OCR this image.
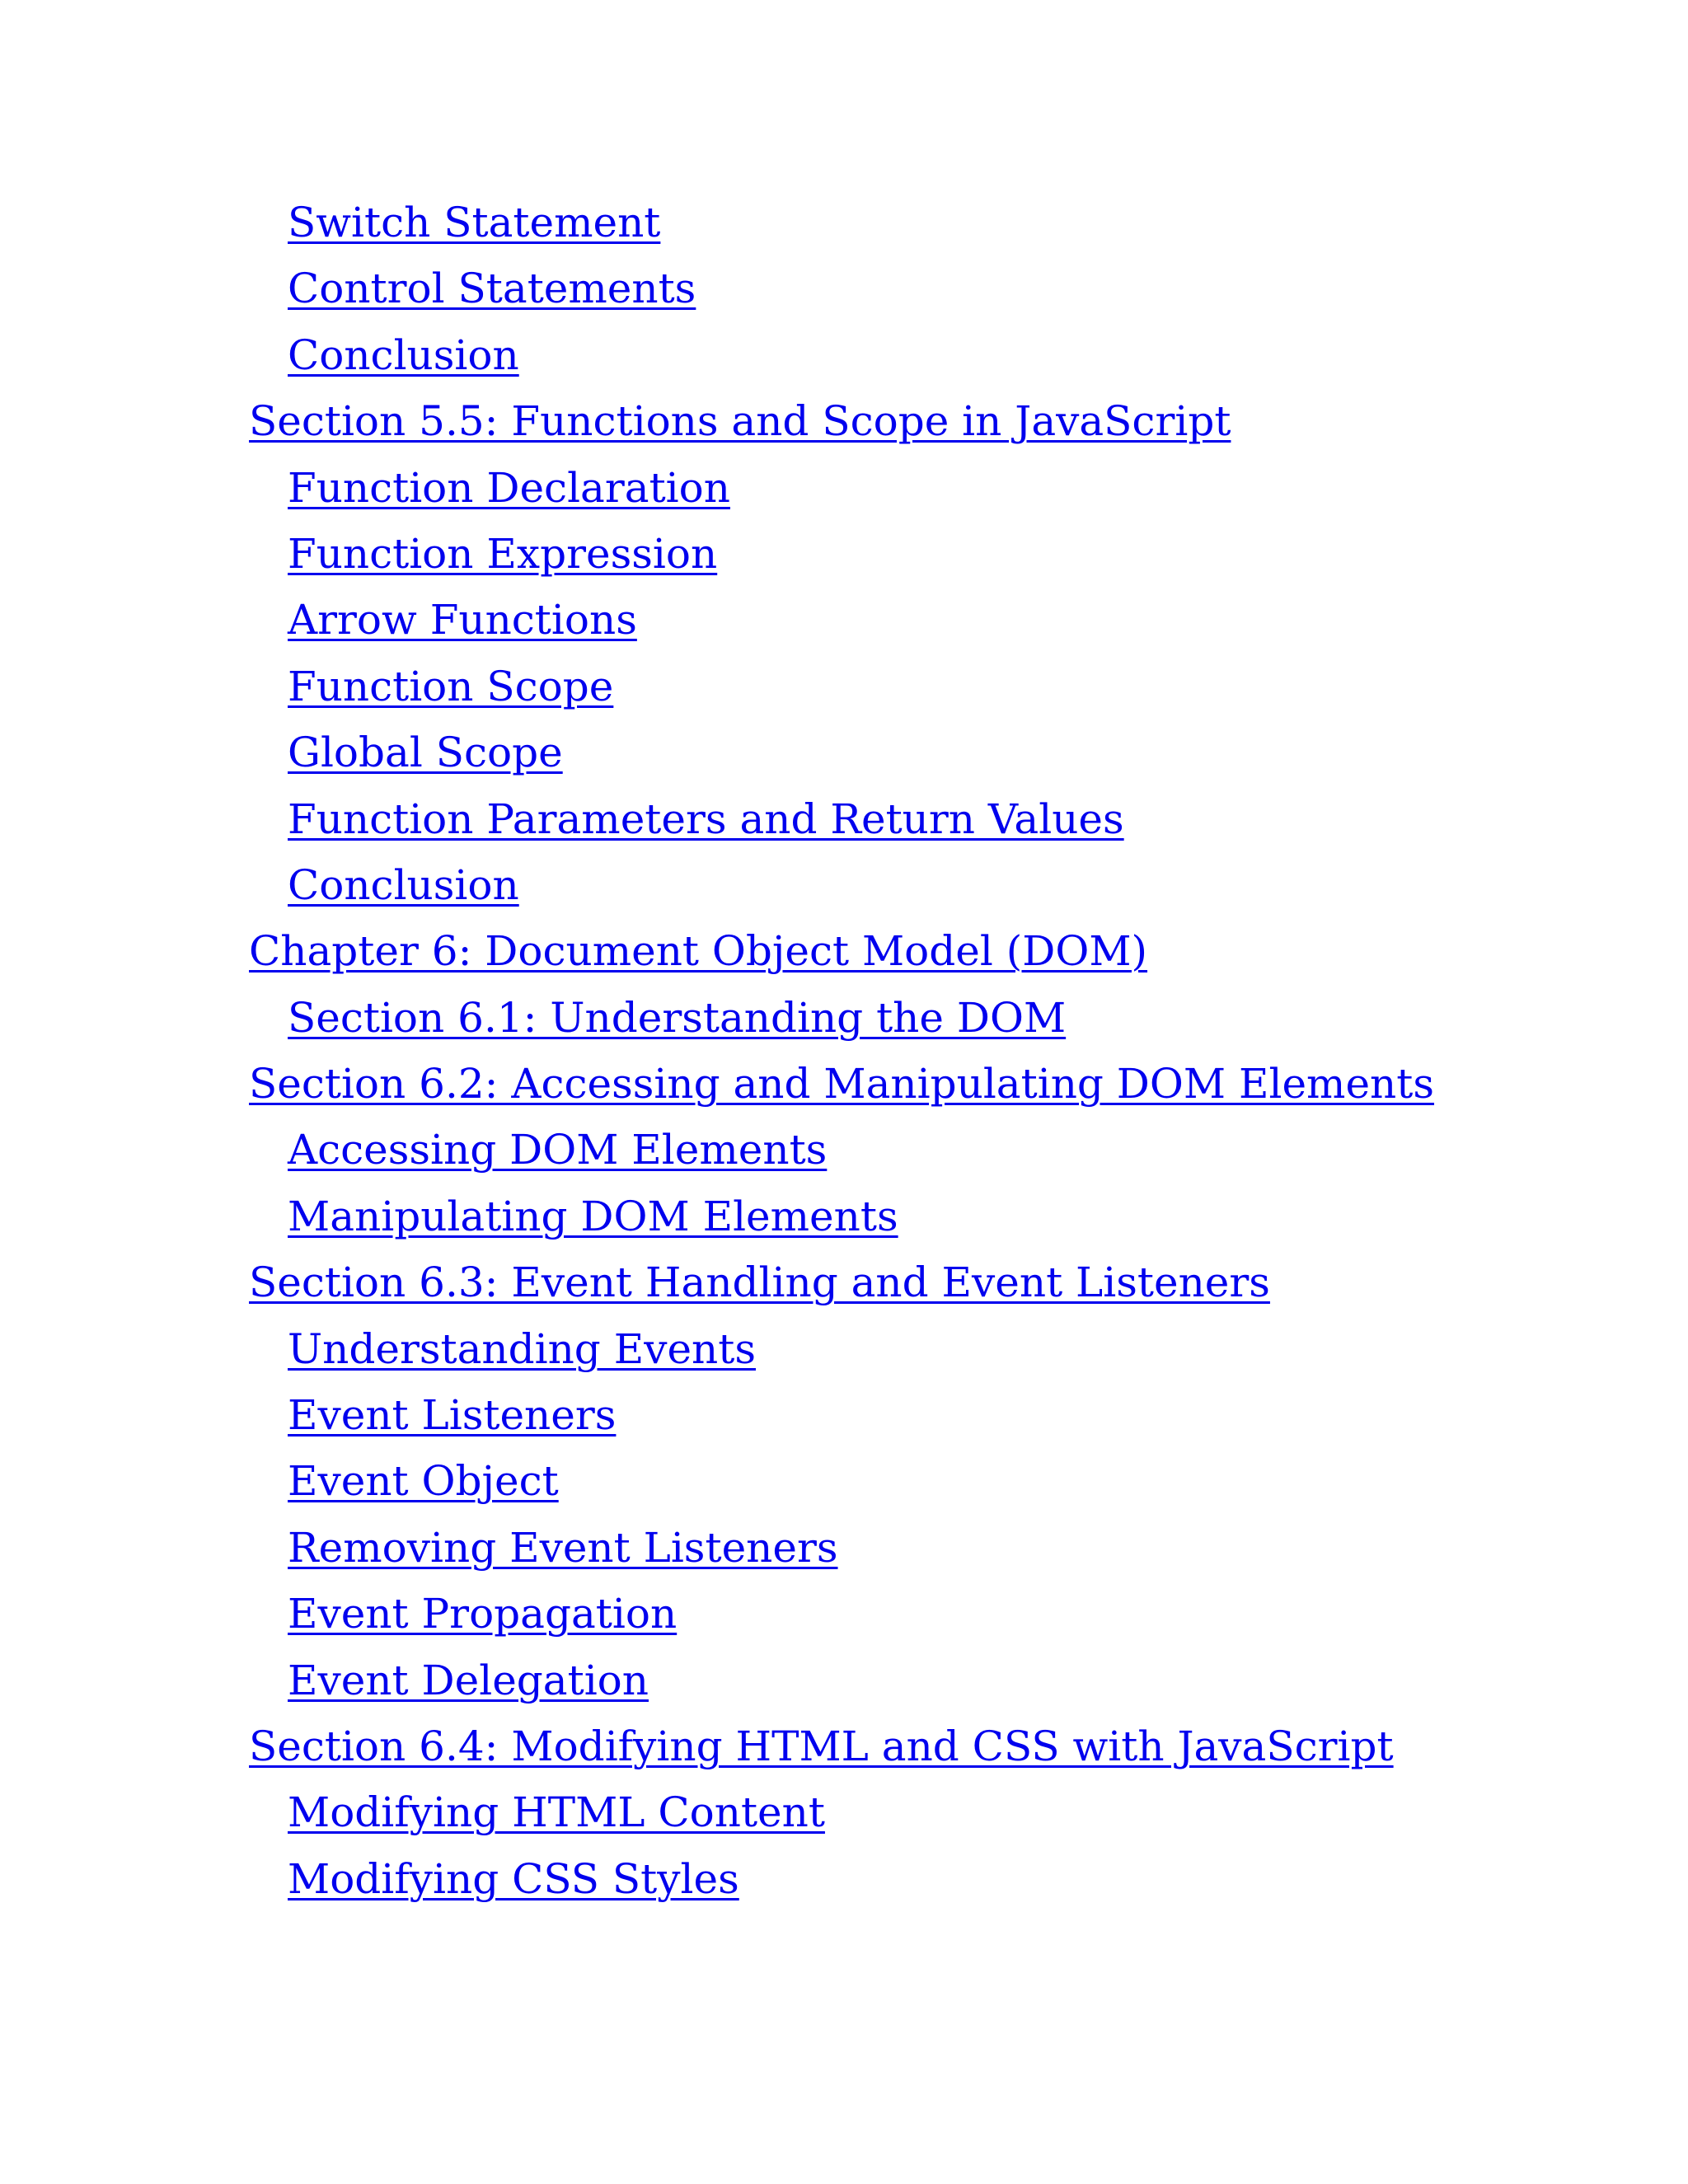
Switch Statement
Control Statements
Conclusion
Section 5.5: Functions and Scope in JavaScript
Function Declaration
Function Expression
Arrow Functions
Function Scope
Global Scope
Function Parameters and Return Values
Conclusion
Chapter 6: Document Object Model (DOM)
Section 6.1: Understanding the DOM
Section 6.2: Accessing and Manipulating DOM Elements
Accessing DOM Elements
Manipulating DOM Elements
Section 6.3: Event Handling and Event Listeners
Understanding Events
Event Listeners
Event Object
Removing Event Listeners
Event Propagation
Event Delegation
Section 6.4: Modifying HTML and CSS with JavaScript
Modifying HTML Content
Modifying CSS Styles
